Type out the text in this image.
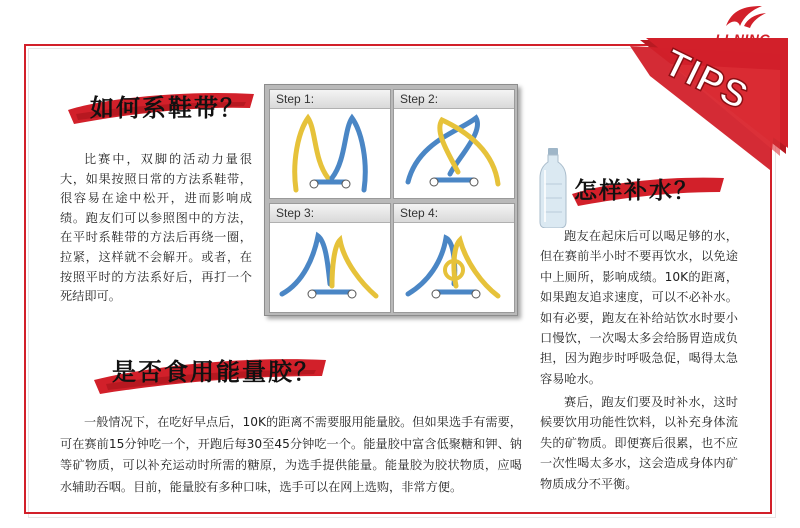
TIPS
如何系鞋带？

比赛中，双脚的活动力量很大，如果按照日常的方法系鞋带，很容易在途中松开，进而影响成绩。跑友们可以参照图中的方法，在平时系鞋带的方法后再绕一圈，拉紧，这样就不会解开。或者，在按照平时的方法系好后，再打一个死结即可。

Step 1:	Step 2:
Step 3:	Step 4:
怎样补水？

跑友在起床后可以喝足够的水，但在赛前半小时不要再饮水，以免途中上厕所，影响成绩。10K的距离，如果跑友追求速度，可以不必补水。如有必要，跑友在补给站饮水时要小口慢饮，一次喝太多会给肠胃造成负担，因为跑步时呼吸急促，喝得太急容易呛水。

赛后，跑友们要及时补水，这时候要饮用功能性饮料，以补充身体流失的矿物质。即便赛后很累，也不应一次性喝太多水，这会造成身体内矿物质成分不平衡。

是否食用能量胶？

一般情况下，在吃好早点后，10K的距离不需要服用能量胶。但如果选手有需要，可在赛前15分钟吃一个，开跑后每30至45分钟吃一个。能量胶中富含低聚糖和钾、钠等矿物质，可以补充运动时所需的糖原，为选手提供能量。能量胶为胶状物质，应喝水辅助吞咽。目前，能量胶有多种口味，选手可以在网上选购，非常方便。
